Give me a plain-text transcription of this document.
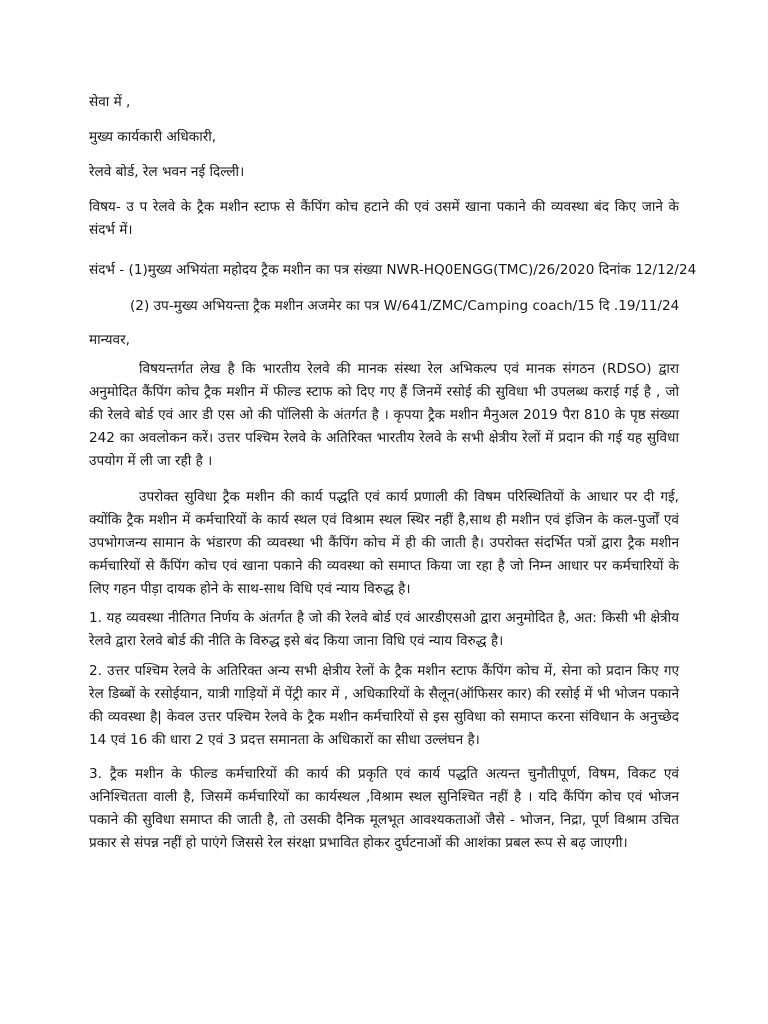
सेवा में ,
मुख्य कार्यकारी अधिकारी,
रेलवे बोर्ड, रेल भवन नई दिल्ली।

विषय- उ प रेलवे के ट्रैक मशीन स्टाफ से कैंपिंग कोच हटाने की एवं उसमें खाना पकाने की व्यवस्था बंद किए जाने के संदर्भ में।

संदर्भ - (1)मुख्य अभियंता महोदय ट्रैक मशीन का पत्र संख्या NWR-HQ0ENGG(TMC)/26/2020 दिनांक 12/12/24
(2) उप-मुख्य अभियन्ता ट्रैक मशीन अजमेर का पत्र W/641/ZMC/Camping coach/15 दि .19/11/24
मान्यवर,

विषयन्तर्गत लेख है कि भारतीय रेलवे की मानक संस्था रेल अभिकल्प एवं मानक संगठन (RDSO) द्वारा अनुमोदित कैंपिंग कोच ट्रैक मशीन में फील्ड स्टाफ को दिए गए हैं जिनमें रसोई की सुविधा भी उपलब्ध कराई गई है , जो की रेलवे बोर्ड एवं आर डी एस ओ की पॉलिसी के अंतर्गत है । कृपया ट्रैक मशीन मैनुअल 2019 पैरा 810 के पृष्ठ संख्या 242 का अवलोकन करें। उत्तर पश्चिम रेलवे के अतिरिक्त भारतीय रेलवे के सभी क्षेत्रीय रेलों में प्रदान की गई यह सुविधा उपयोग में ली जा रही है ।

उपरोक्त सुविधा ट्रैक मशीन की कार्य पद्धति एवं कार्य प्रणाली की विषम परिस्थितियों के आधार पर दी गई, क्योंकि ट्रैक मशीन में कर्मचारियों के कार्य स्थल एवं विश्राम स्थल स्थिर नहीं है,साथ ही मशीन एवं इंजिन के कल-पुर्जों एवं उपभोगजन्य सामान के भंडारण की व्यवस्था भी कैंपिंग कोच में ही की जाती है। उपरोक्त संदर्भित पत्रों द्वारा ट्रैक मशीन कर्मचारियों से कैंपिंग कोच एवं खाना पकाने की व्यवस्था को समाप्त किया जा रहा है जो निम्न आधार पर कर्मचारियों के लिए गहन पीड़ा दायक होने के साथ-साथ विधि एवं न्याय विरुद्ध है।

1. यह व्यवस्था नीतिगत निर्णय के अंतर्गत है जो की रेलवे बोर्ड एवं आरडीएसओ द्वारा अनुमोदित है, अत: किसी भी क्षेत्रीय रेलवे द्वारा रेलवे बोर्ड की नीति के विरुद्ध इसे बंद किया जाना विधि एवं न्याय विरुद्ध है।

2. उत्तर पश्चिम रेलवे के अतिरिक्त अन्य सभी क्षेत्रीय रेलों के ट्रैक मशीन स्टाफ कैंपिंग कोच में, सेना को प्रदान किए गए रेल डिब्बों के रसोईयान, यात्री गाड़ियों में पेंट्री कार में , अधिकारियों के सैलून(ऑफिसर कार) की रसोई में भी भोजन पकाने की व्यवस्था है| केवल उत्तर पश्चिम रेलवे के ट्रैक मशीन कर्मचारियों से इस सुविधा को समाप्त करना संविधान के अनुच्छेद 14 एवं 16 की धारा 2 एवं 3 प्रदत्त समानता के अधिकारों का सीधा उल्लंघन है।

3. ट्रैक मशीन के फील्ड कर्मचारियों की कार्य की प्रकृति एवं कार्य पद्धति अत्यन्त चुनौतीपूर्ण, विषम, विकट एवं अनिश्चितता वाली है, जिसमें कर्मचारियों का कार्यस्थल ,विश्राम स्थल सुनिश्चित नहीं है । यदि कैंपिंग कोच एवं भोजन पकाने की सुविधा समाप्त की जाती है, तो उसकी दैनिक मूलभूत आवश्यकताओं जैसे - भोजन, निद्रा, पूर्ण विश्राम उचित प्रकार से संपन्न नहीं हो पाएंगे जिससे रेल संरक्षा प्रभावित होकर दुर्घटनाओं की आशंका प्रबल रूप से बढ़ जाएगी।
